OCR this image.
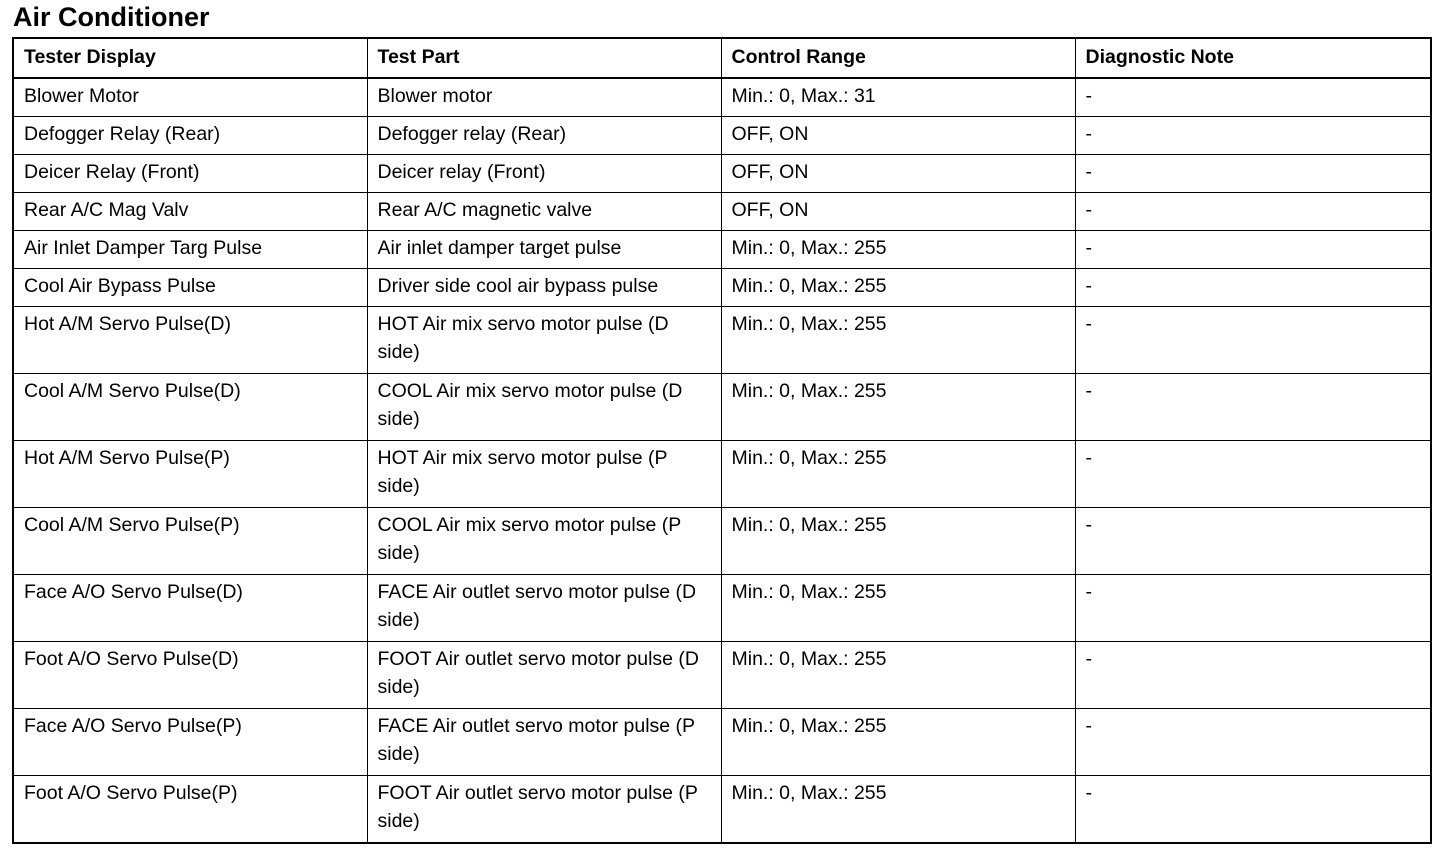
Air Conditioner
Tester Display	Test Part	Control Range	Diagnostic Note
Blower Motor	Blower motor	Min.: 0, Max.: 31	-
Defogger Relay (Rear)	Defogger relay (Rear)	OFF, ON	-
Deicer Relay (Front)	Deicer relay (Front)	OFF, ON	-
Rear A/C Mag Valv	Rear A/C magnetic valve	OFF, ON	-
Air Inlet Damper Targ Pulse	Air inlet damper target pulse	Min.: 0, Max.: 255	-
Cool Air Bypass Pulse	Driver side cool air bypass pulse	Min.: 0, Max.: 255	-
Hot A/M Servo Pulse(D)	HOT Air mix servo motor pulse (D side)	Min.: 0, Max.: 255	-
Cool A/M Servo Pulse(D)	COOL Air mix servo motor pulse (D side)	Min.: 0, Max.: 255	-
Hot A/M Servo Pulse(P)	HOT Air mix servo motor pulse (P side)	Min.: 0, Max.: 255	-
Cool A/M Servo Pulse(P)	COOL Air mix servo motor pulse (P side)	Min.: 0, Max.: 255	-
Face A/O Servo Pulse(D)	FACE Air outlet servo motor pulse (D side)	Min.: 0, Max.: 255	-
Foot A/O Servo Pulse(D)	FOOT Air outlet servo motor pulse (D side)	Min.: 0, Max.: 255	-
Face A/O Servo Pulse(P)	FACE Air outlet servo motor pulse (P side)	Min.: 0, Max.: 255	-
Foot A/O Servo Pulse(P)	FOOT Air outlet servo motor pulse (P side)	Min.: 0, Max.: 255	-
